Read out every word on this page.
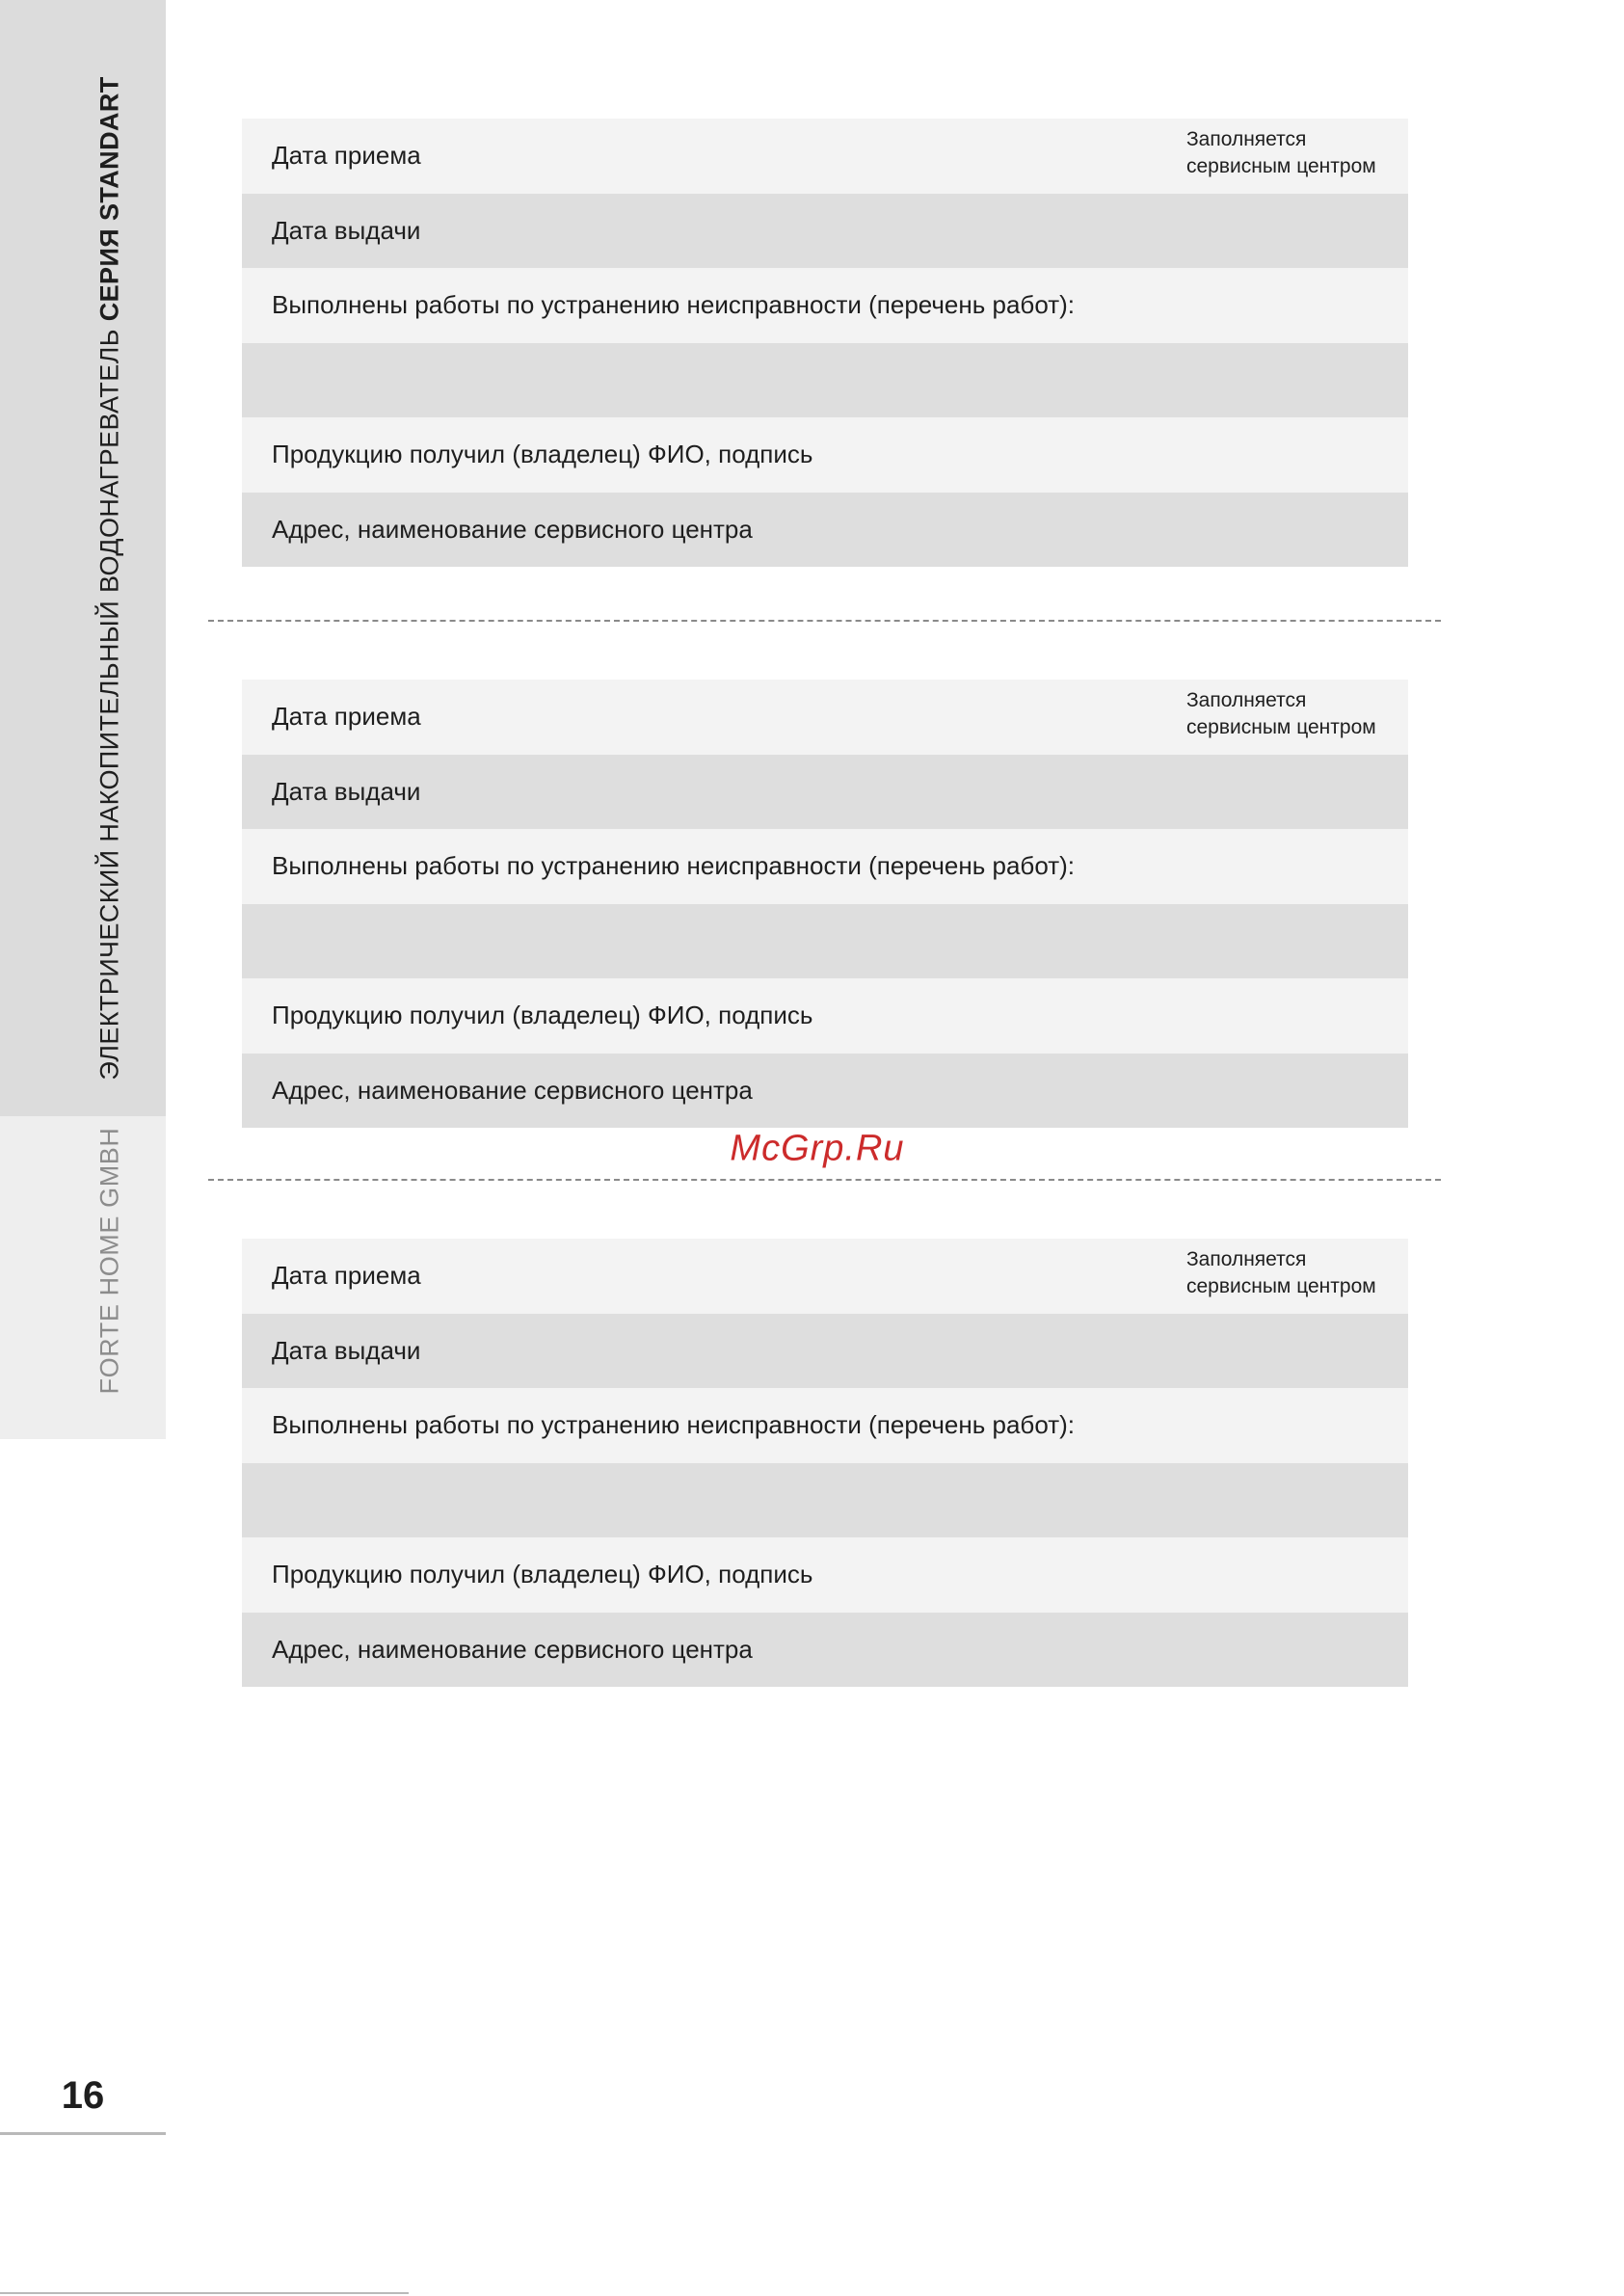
ЭЛЕКТРИЧЕСКИЙ НАКОПИТЕЛЬНЫЙ ВОДОНАГРЕВАТЕЛЬ СЕРИЯ STANDART
FORTE HOME GMBH
16
Дата приема
Заполняется
сервисным центром
Дата выдачи
Выполнены работы по устранению неисправности (перечень работ):
Продукцию получил (владелец) ФИО, подпись
Адрес, наименование сервисного центра
Дата приема
Заполняется
сервисным центром
Дата выдачи
Выполнены работы по устранению неисправности (перечень работ):
Продукцию получил (владелец) ФИО, подпись
Адрес, наименование сервисного центра
McGrp.Ru
Дата приема
Заполняется
сервисным центром
Дата выдачи
Выполнены работы по устранению неисправности (перечень работ):
Продукцию получил (владелец) ФИО, подпись
Адрес, наименование сервисного центра
